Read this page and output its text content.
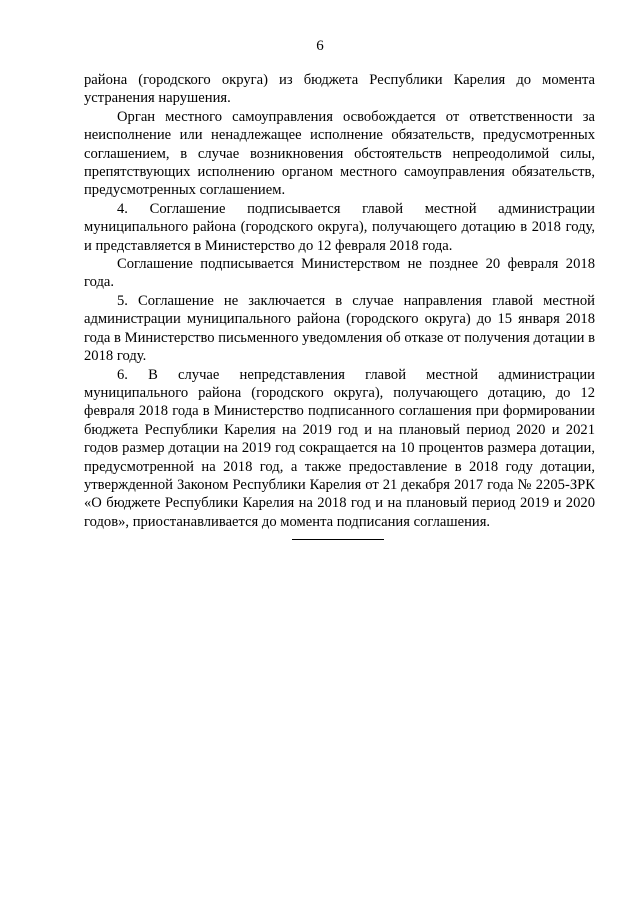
6

района (городского округа) из бюджета Республики Карелия до момента устранения нарушения.

Орган местного самоуправления освобождается от ответственности за неисполнение или ненадлежащее исполнение обязательств, предусмотренных соглашением, в случае возникновения обстоятельств непреодолимой силы, препятствующих исполнению органом местного самоуправления обязательств, предусмотренных соглашением.

4. Соглашение подписывается главой местной администрации муниципального района (городского округа), получающего дотацию в 2018 году, и представляется в Министерство до 12 февраля 2018 года.

Соглашение подписывается Министерством не позднее 20 февраля 2018 года.

5. Соглашение не заключается в случае направления главой местной администрации муниципального района (городского округа) до 15 января 2018 года в Министерство письменного уведомления об отказе от получения дотации в 2018 году.

6. В случае непредставления главой местной администрации муниципального района (городского округа), получающего дотацию, до 12 февраля 2018 года в Министерство подписанного соглашения при формировании бюджета Республики Карелия на 2019 год и на плановый период 2020 и 2021 годов размер дотации на 2019 год сокращается на 10 процентов размера дотации, предусмотренной на 2018 год, а также предоставление в 2018 году дотации, утвержденной Законом Республики Карелия от 21 декабря 2017 года № 2205-ЗРК «О бюджете Республики Карелия на 2018 год и на плановый период 2019 и 2020 годов», приостанавливается до момента подписания соглашения.
